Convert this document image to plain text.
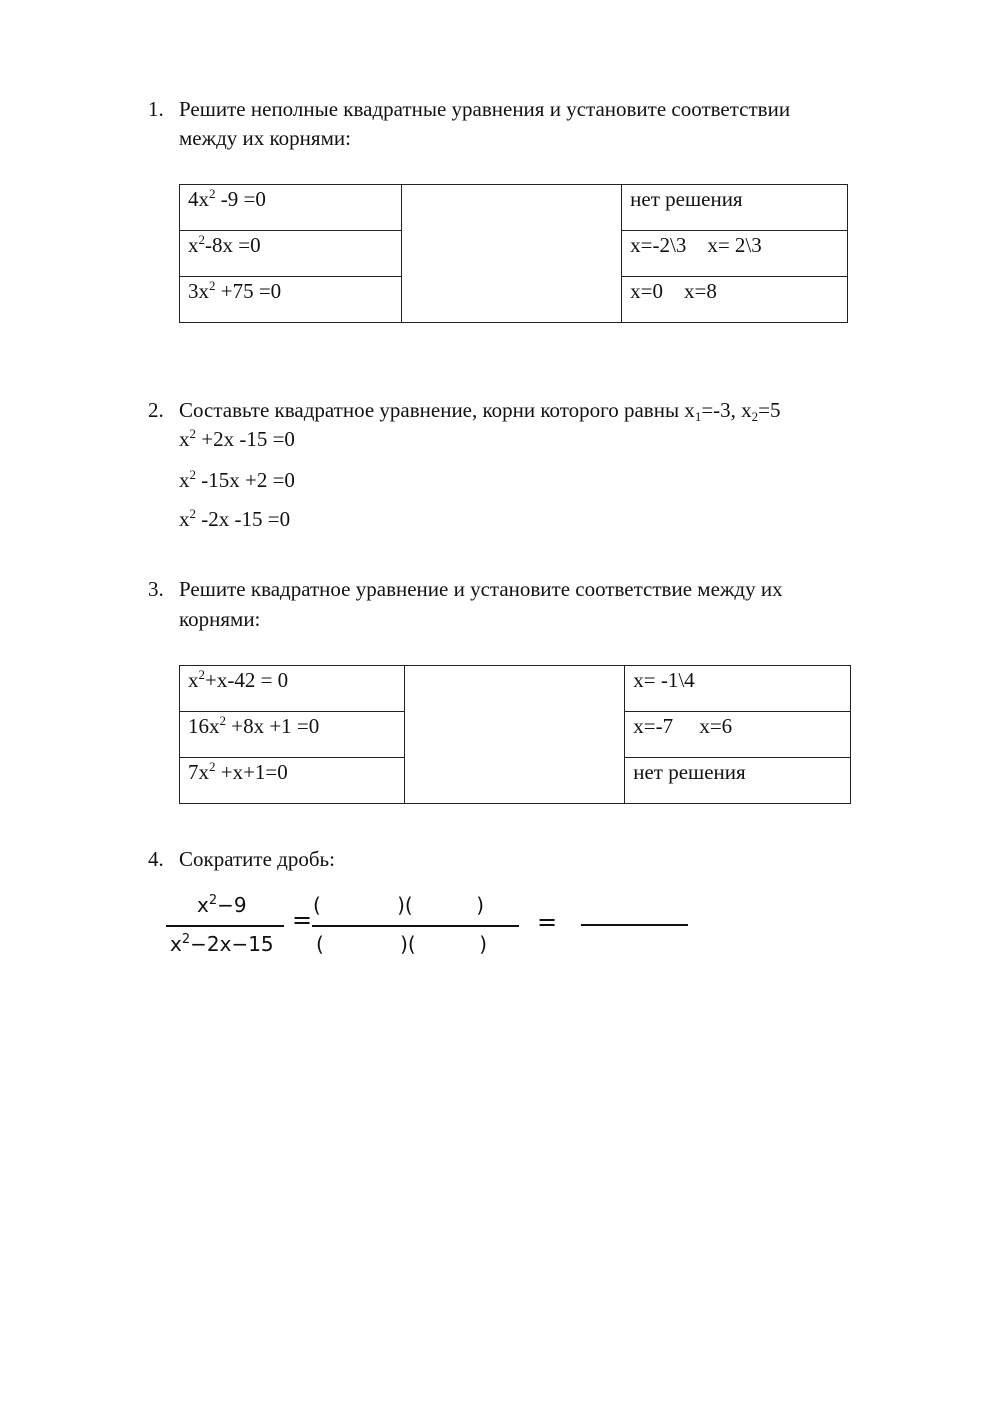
1. Решите неполные квадратные уравнения и установите соответствии
между их корнями:
$4x^2$ -9 =0		нет решения
$x^2-8x =0$		x=-2\3    x= 2\3
$3x^2 +75 =0$		x=0    x=8
2. Составьте квадратное уравнение, корни которого равны $x_1=-3$, $x_2=5$
$x^2 +2x$ -15 =0
$x^2$ -15x +2 =0
$x^2$ -2x -15 =0
3. Решите квадратное уравнение и установите соответствие между их
корнями:
$x^2+x-42 = 0$		x= -1\4
$16x^2 +8x +1 =0$		x=-7     x=6
$7x^2 +x+1=0$		нет решения
4. Сократите дробь:
$x^2-9$
$x^2-2x-15$
=
(            )(          )
(            )(          )
=
